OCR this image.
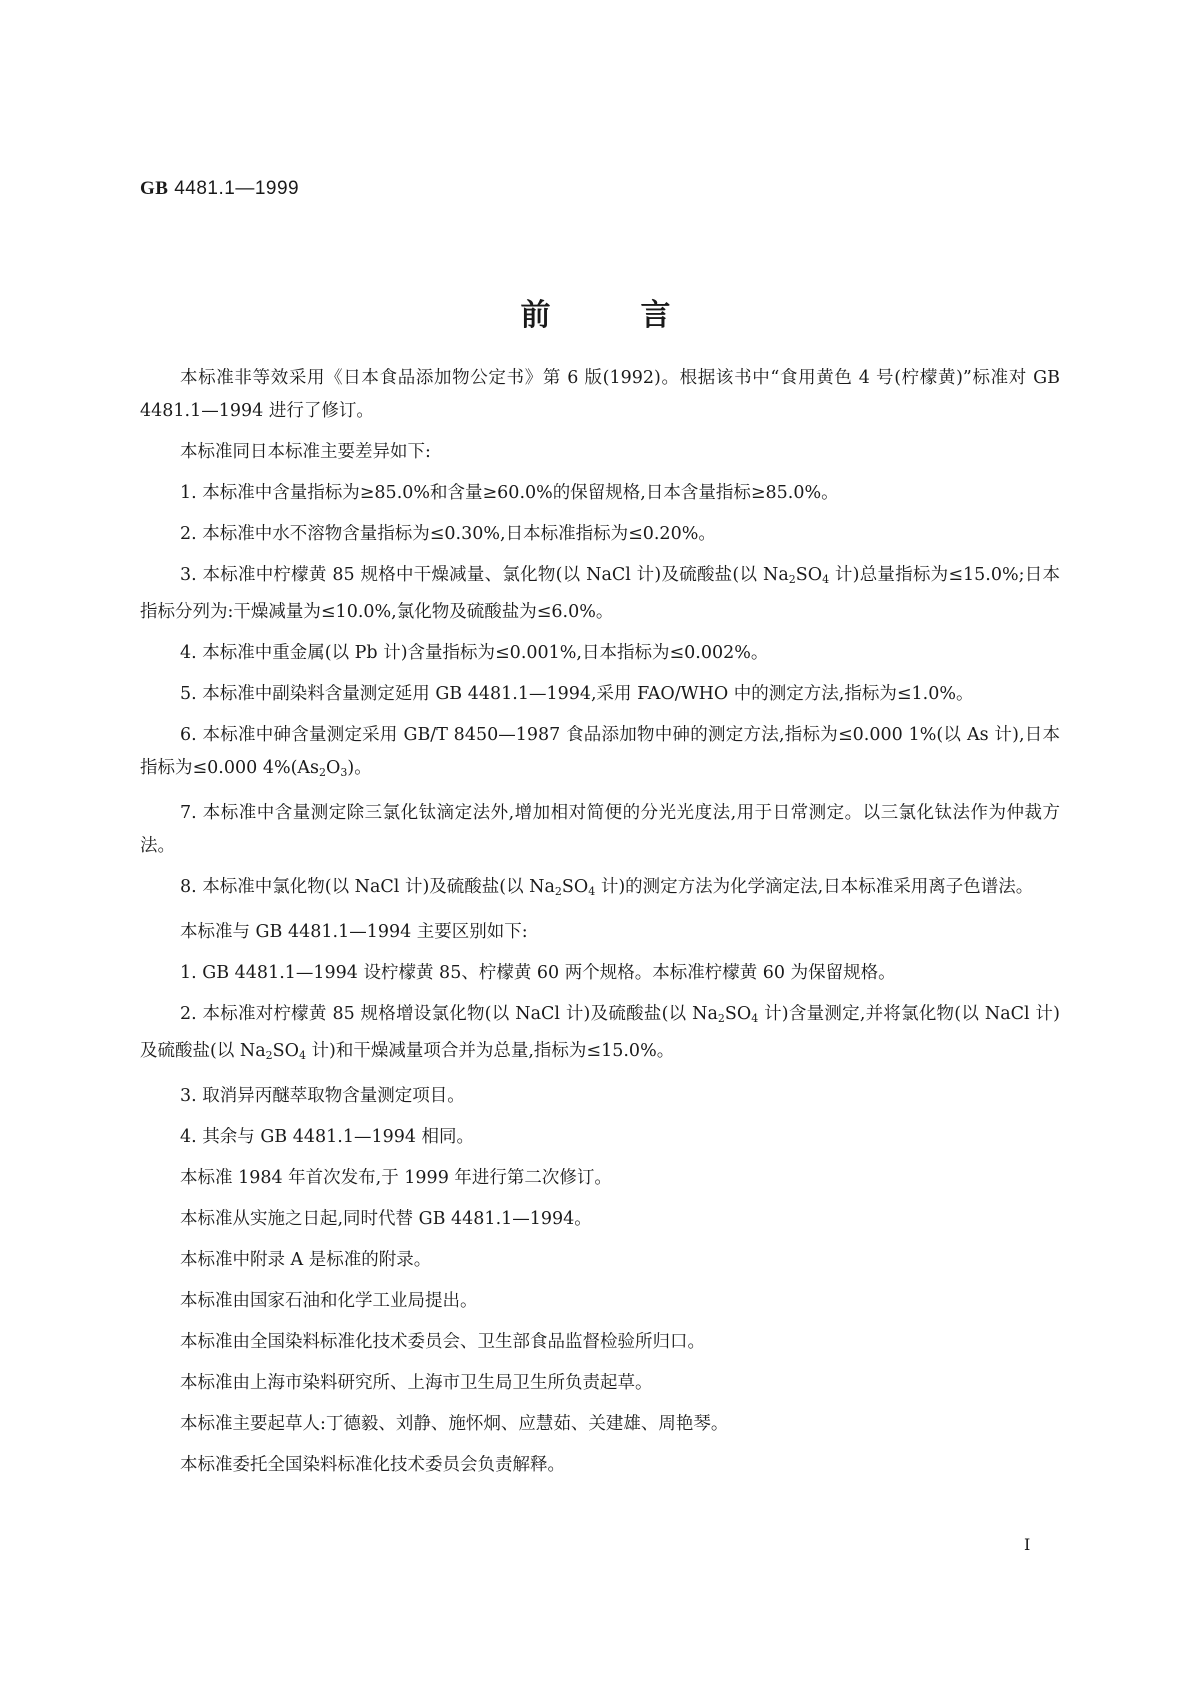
GB 4481.1—1999
前言

本标准非等效采用《日本食品添加物公定书》第 6 版(1992)。根据该书中“食用黄色 4 号(柠檬黄)”标准对 GB 4481.1—1994 进行了修订。

本标准同日本标准主要差异如下:

1. 本标准中含量指标为≥85.0%和含量≥60.0%的保留规格,日本含量指标≥85.0%。

2. 本标准中水不溶物含量指标为≤0.30%,日本标准指标为≤0.20%。

3. 本标准中柠檬黄 85 规格中干燥减量、氯化物(以 NaCl 计)及硫酸盐(以 $Na_2SO_4$ 计)总量指标为≤15.0%;日本指标分列为:干燥减量为≤10.0%,氯化物及硫酸盐为≤6.0%。

4. 本标准中重金属(以 Pb 计)含量指标为≤0.001%,日本指标为≤0.002%。

5. 本标准中副染料含量测定延用 GB 4481.1—1994,采用 FAO/WHO 中的测定方法,指标为≤1.0%。

6. 本标准中砷含量测定采用 GB/T 8450—1987 食品添加物中砷的测定方法,指标为≤0.000 1%(以 As 计),日本指标为≤0.000 $4\%(As_2O_3)$。

7. 本标准中含量测定除三氯化钛滴定法外,增加相对简便的分光光度法,用于日常测定。以三氯化钛法作为仲裁方法。

8. 本标准中氯化物(以 NaCl 计)及硫酸盐(以 $Na_2SO_4$ 计)的测定方法为化学滴定法,日本标准采用离子色谱法。

本标准与 GB 4481.1—1994 主要区别如下:

1. GB 4481.1—1994 设柠檬黄 85、柠檬黄 60 两个规格。本标准柠檬黄 60 为保留规格。

2. 本标准对柠檬黄 85 规格增设氯化物(以 NaCl 计)及硫酸盐(以 $Na_2SO_4$ 计)含量测定,并将氯化物(以 NaCl 计)及硫酸盐(以 $Na_2SO_4$ 计)和干燥减量项合并为总量,指标为≤15.0%。

3. 取消异丙醚萃取物含量测定项目。

4. 其余与 GB 4481.1—1994 相同。

本标准 1984 年首次发布,于 1999 年进行第二次修订。

本标准从实施之日起,同时代替 GB 4481.1—1994。

本标准中附录 A 是标准的附录。

本标准由国家石油和化学工业局提出。

本标准由全国染料标准化技术委员会、卫生部食品监督检验所归口。

本标准由上海市染料研究所、上海市卫生局卫生所负责起草。

本标准主要起草人:丁德毅、刘静、施怀炯、应慧茹、关建雄、周艳琴。

本标准委托全国染料标准化技术委员会负责解释。

I
